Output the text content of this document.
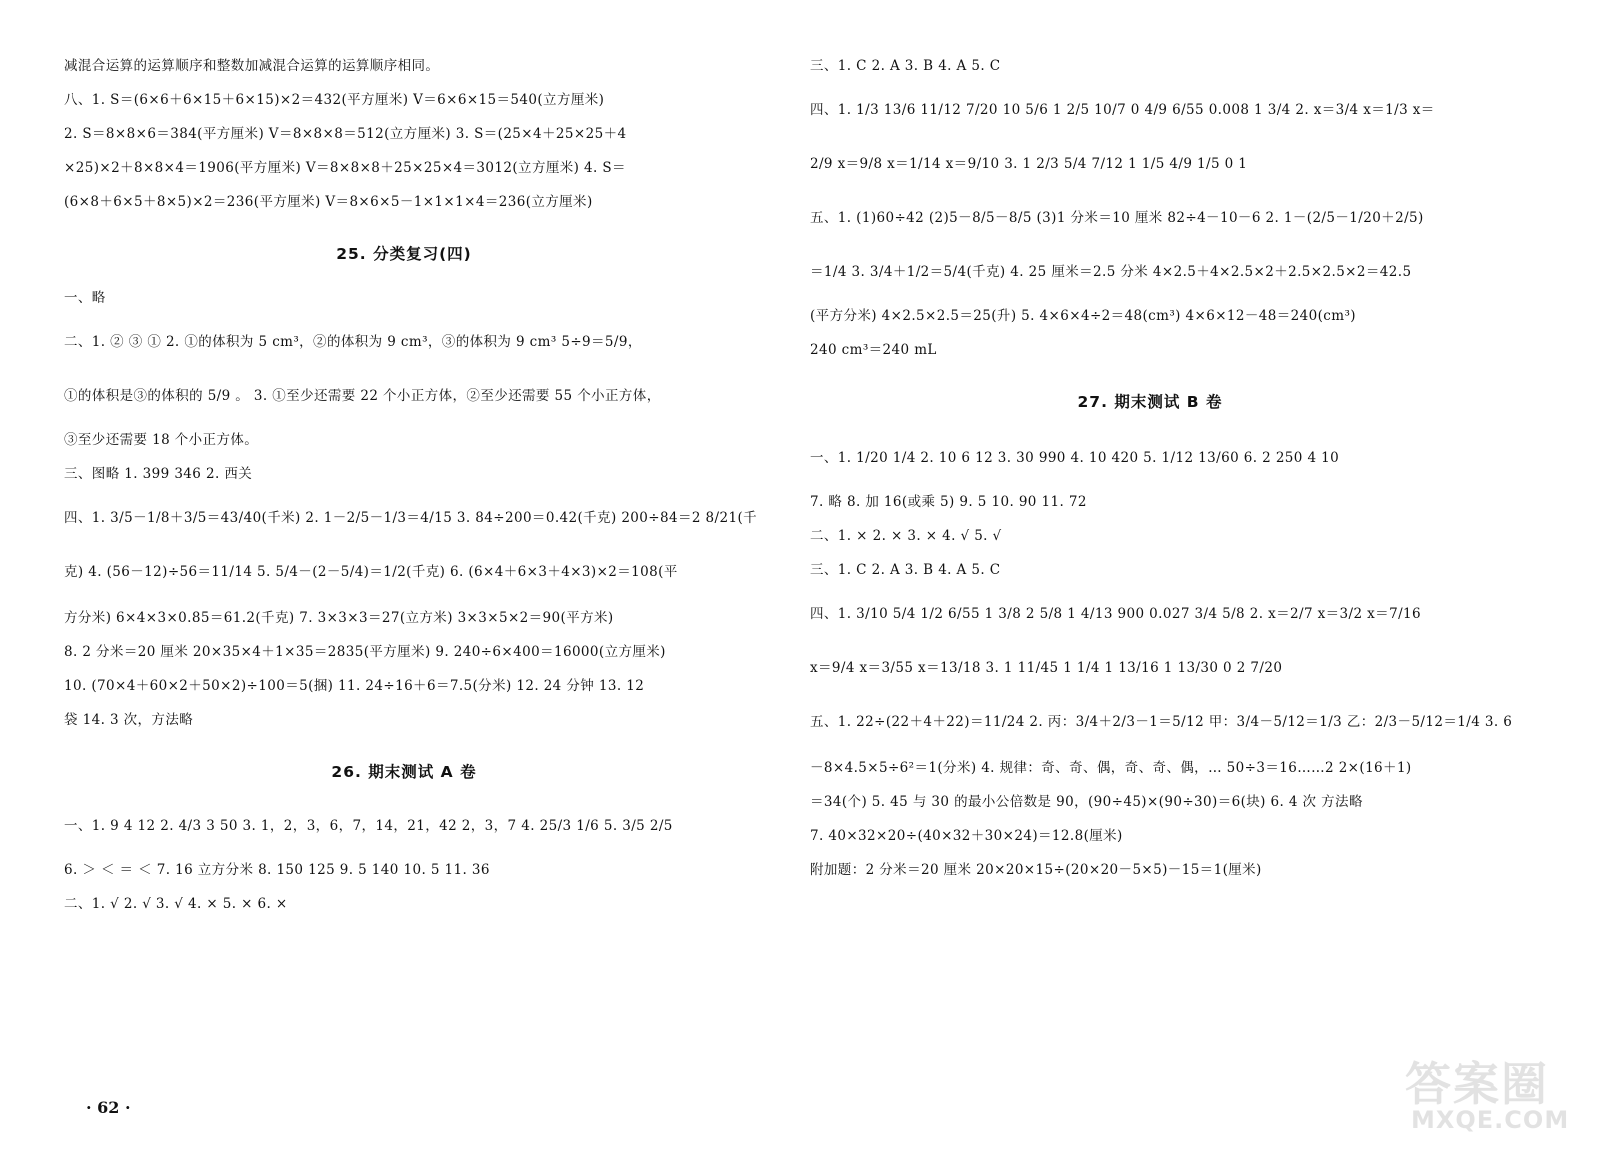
减混合运算的运算顺序和整数加减混合运算的运算顺序相同。
八、1. S＝(6×6＋6×15＋6×15)×2＝432(平方厘米) V＝6×6×15＝540(立方厘米)
2. S＝8×8×6＝384(平方厘米) V＝8×8×8＝512(立方厘米) 3. S＝(25×4＋25×25＋4
×25)×2＋8×8×4＝1906(平方厘米) V＝8×8×8＋25×25×4＝3012(立方厘米) 4. S＝
(6×8＋6×5＋8×5)×2＝236(平方厘米) V＝8×6×5－1×1×1×4＝236(立方厘米)
25. 分类复习(四)
一、略
二、1. ② ③ ① 2. ①的体积为 5 cm³，②的体积为 9 cm³，③的体积为 9 cm³ 5÷9＝5/9，
①的体积是③的体积的 5/9 。 3. ①至少还需要 22 个小正方体，②至少还需要 55 个小正方体，
③至少还需要 18 个小正方体。
三、图略 1. 399 346 2. 西关
四、1. 3/5－1/8＋3/5＝43/40(千米) 2. 1－2/5－1/3＝4/15 3. 84÷200＝0.42(千克) 200÷84＝2 8/21(千
克) 4. (56－12)÷56＝11/14 5. 5/4－(2－5/4)＝1/2(千克) 6. (6×4＋6×3＋4×3)×2＝108(平
方分米) 6×4×3×0.85＝61.2(千克) 7. 3×3×3＝27(立方米) 3×3×5×2＝90(平方米)
8. 2 分米＝20 厘米 20×35×4＋1×35＝2835(平方厘米) 9. 240÷6×400＝16000(立方厘米)
10. (70×4＋60×2＋50×2)÷100＝5(捆) 11. 24÷16＋6＝7.5(分米) 12. 24 分钟 13. 12
袋 14. 3 次，方法略
26. 期末测试 A 卷
一、1. 9 4 12 2. 4/3 3 50 3. 1，2，3，6，7，14，21，42 2，3，7 4. 25/3 1/6 5. 3/5 2/5
6. ＞ ＜ ＝ ＜ 7. 16 立方分米 8. 150 125 9. 5 140 10. 5 11. 36
二、1. √ 2. √ 3. √ 4. × 5. × 6. ×
三、1. C 2. A 3. B 4. A 5. C
四、1. 1/3 13/6 11/12 7/20 10 5/6 1 2/5 10/7 0 4/9 6/55 0.008 1 3/4 2. x＝3/4 x＝1/3 x＝
2/9 x＝9/8 x＝1/14 x＝9/10 3. 1 2/3 5/4 7/12 1 1/5 4/9 1/5 0 1
五、1. (1)60÷42 (2)5－8/5－8/5 (3)1 分米＝10 厘米 82÷4－10－6 2. 1－(2/5－1/20＋2/5)
＝1/4 3. 3/4＋1/2＝5/4(千克) 4. 25 厘米＝2.5 分米 4×2.5＋4×2.5×2＋2.5×2.5×2＝42.5
(平方分米) 4×2.5×2.5＝25(升) 5. 4×6×4÷2＝48(cm³) 4×6×12－48＝240(cm³)
240 cm³＝240 mL
27. 期末测试 B 卷
一、1. 1/20 1/4 2. 10 6 12 3. 30 990 4. 10 420 5. 1/12 13/60 6. 2 250 4 10
7. 略 8. 加 16(或乘 5) 9. 5 10. 90 11. 72
二、1. × 2. × 3. × 4. √ 5. √
三、1. C 2. A 3. B 4. A 5. C
四、1. 3/10 5/4 1/2 6/55 1 3/8 2 5/8 1 4/13 900 0.027 3/4 5/8 2. x＝2/7 x＝3/2 x＝7/16
x＝9/4 x＝3/55 x＝13/18 3. 1 11/45 1 1/4 1 13/16 1 13/30 0 2 7/20
五、1. 22÷(22＋4＋22)＝11/24 2. 丙：3/4＋2/3－1＝5/12 甲：3/4－5/12＝1/3 乙：2/3－5/12＝1/4 3. 6
－8×4.5×5÷6²＝1(分米) 4. 规律：奇、奇、偶，奇、奇、偶，… 50÷3＝16……2 2×(16＋1)
＝34(个) 5. 45 与 30 的最小公倍数是 90，(90÷45)×(90÷30)＝6(块) 6. 4 次 方法略
7. 40×32×20÷(40×32＋30×24)＝12.8(厘米)
附加题：2 分米＝20 厘米 20×20×15÷(20×20－5×5)－15＝1(厘米)
· 62 ·	答案圈
MXQE.COM
